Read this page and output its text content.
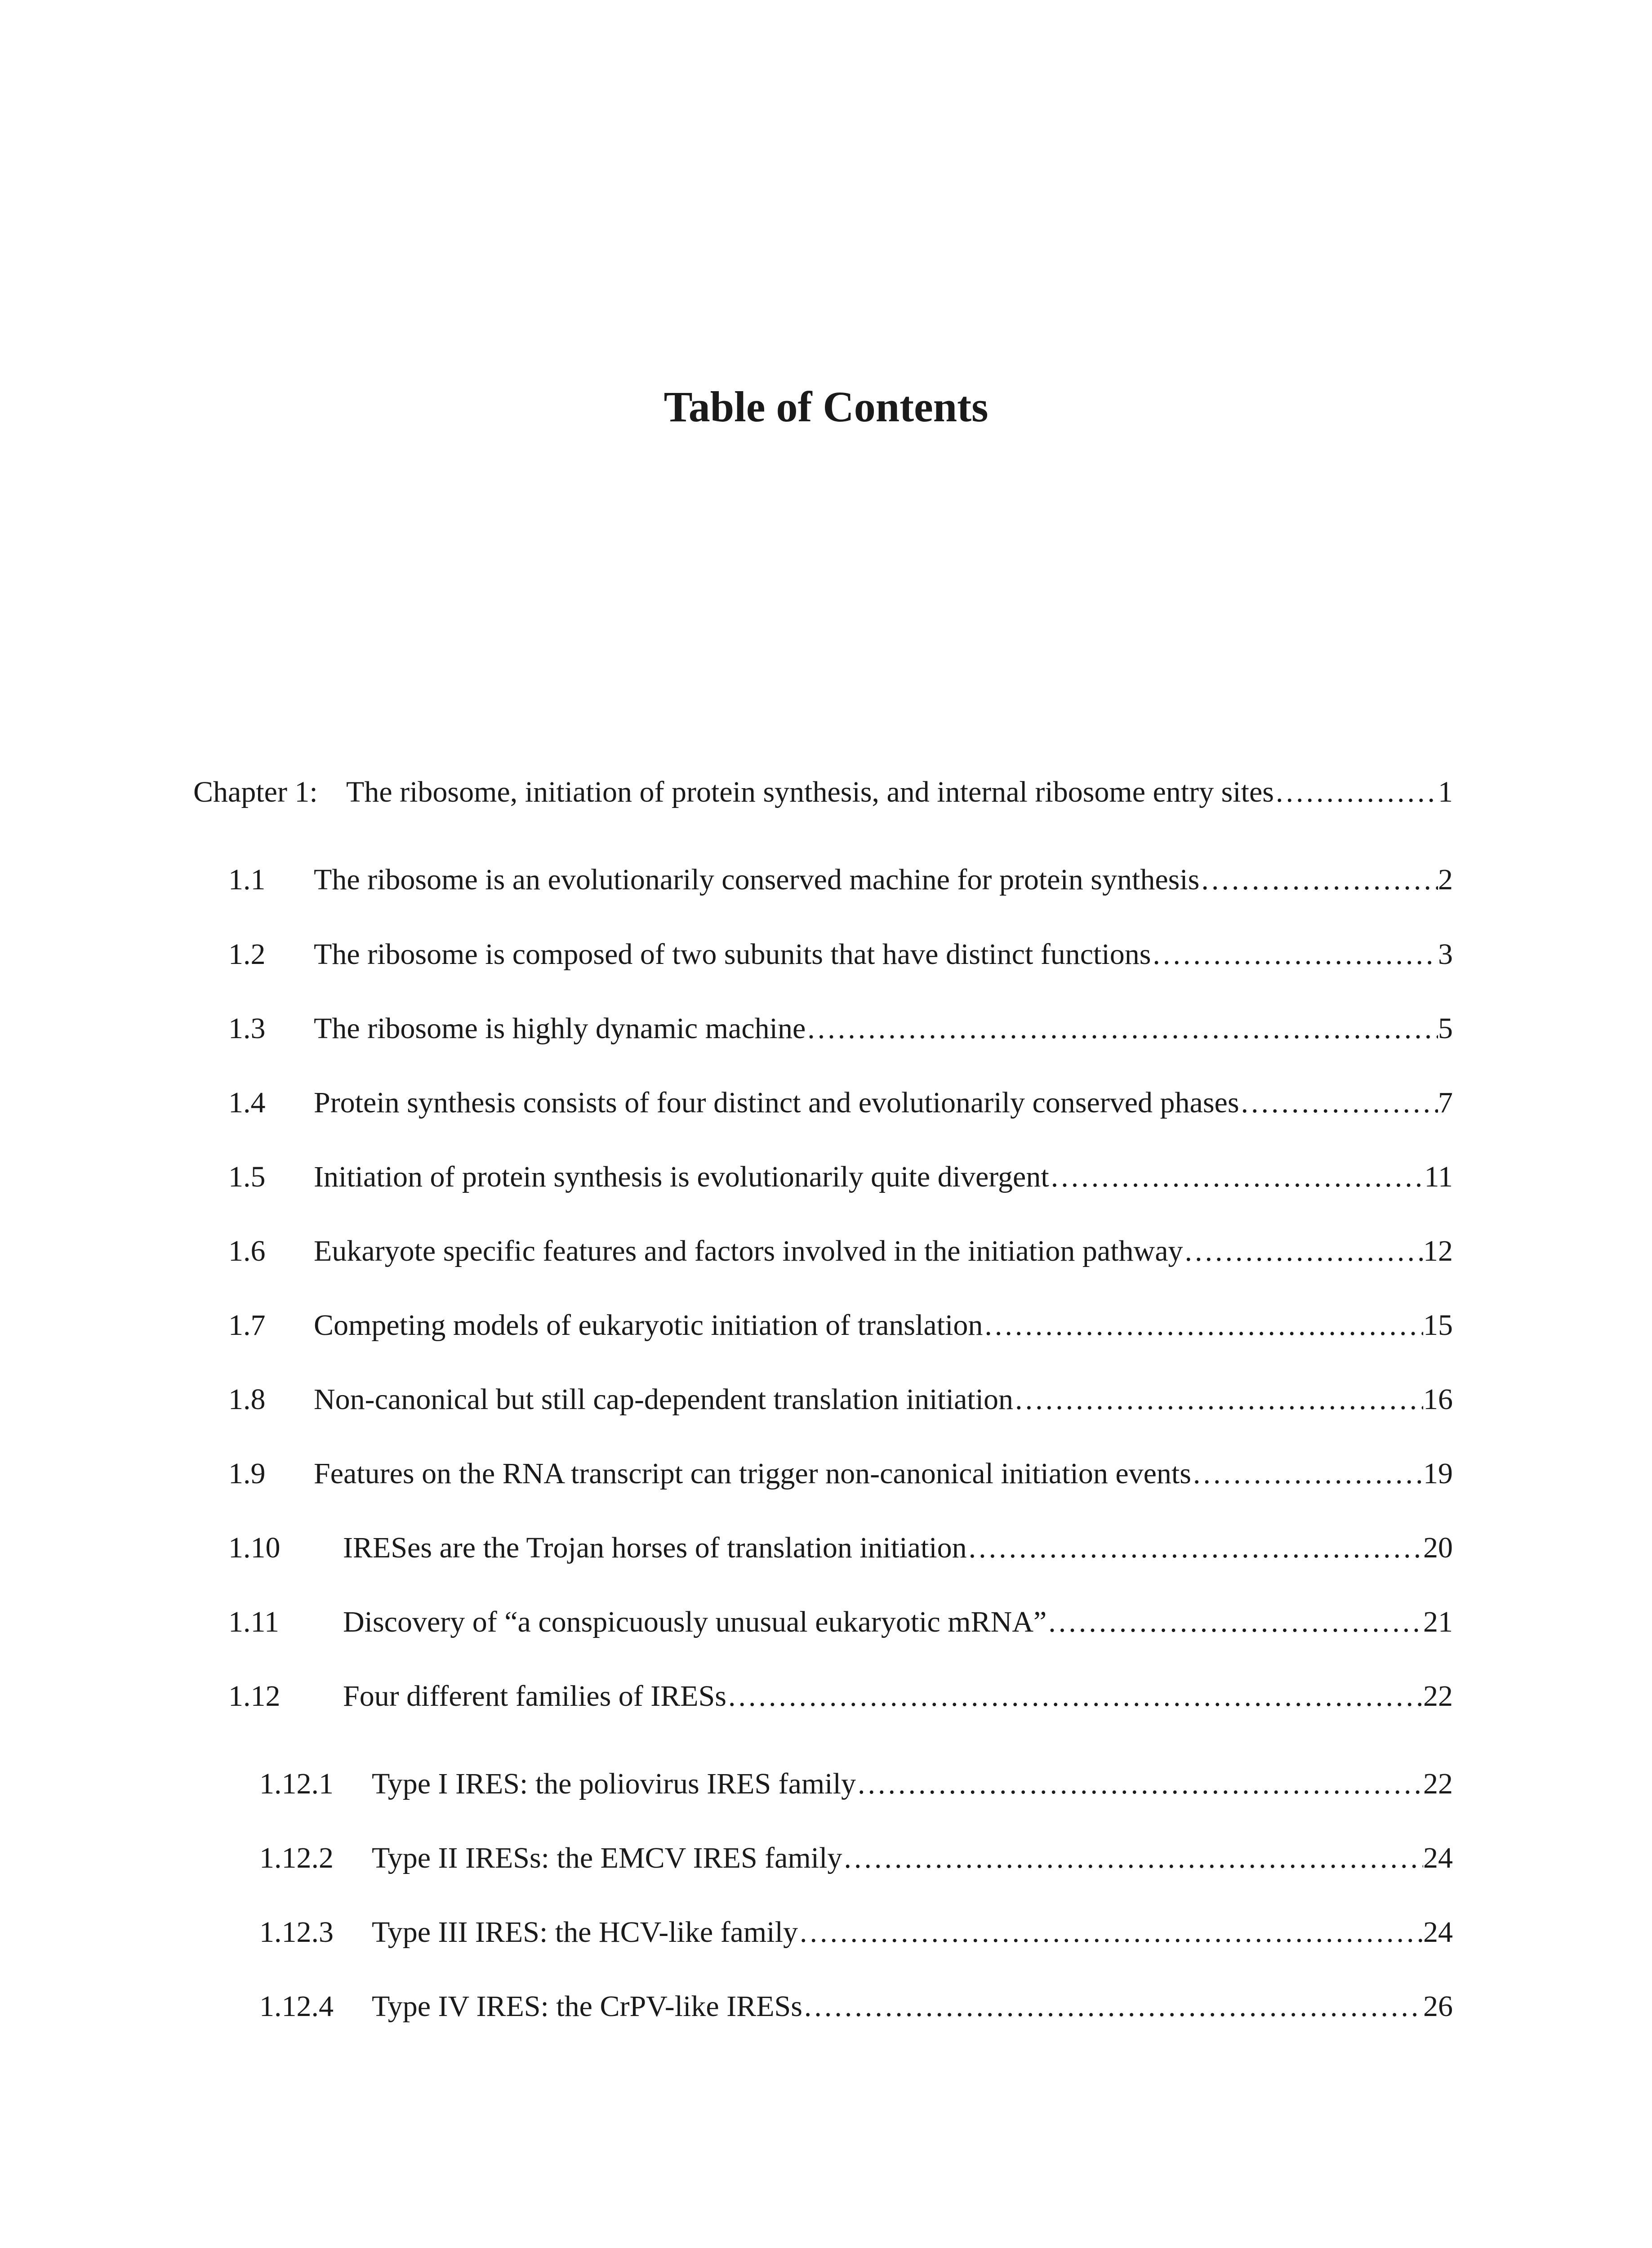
Table of Contents
Chapter 1: The ribosome, initiation of protein synthesis, and internal ribosome entry sites .....	1
1.1	The ribosome is an evolutionarily conserved machine for protein synthesis .....	2
1.2	The ribosome is composed of two subunits that have distinct functions .....	3
1.3	The ribosome is highly dynamic machine .....	5
1.4	Protein synthesis consists of four distinct and evolutionarily conserved phases .....	7
1.5	Initiation of protein synthesis is evolutionarily quite divergent .....	11
1.6	Eukaryote specific features and factors involved in the initiation pathway .....	12
1.7	Competing models of eukaryotic initiation of translation .....	15
1.8	Non-canonical but still cap-dependent translation initiation .....	16
1.9	Features on the RNA transcript can trigger non-canonical initiation events .....	19
1.10	IRESes are the Trojan horses of translation initiation .....	20
1.11	Discovery of “a conspicuously unusual eukaryotic mRNA” .....	21
1.12	Four different families of IRESs .....	22
1.12.1	Type I IRES: the poliovirus IRES family .....	22
1.12.2	Type II IRESs: the EMCV IRES family .....	24
1.12.3	Type III IRES: the HCV-like family .....	24
1.12.4	Type IV IRES: the CrPV-like IRESs .....	26
